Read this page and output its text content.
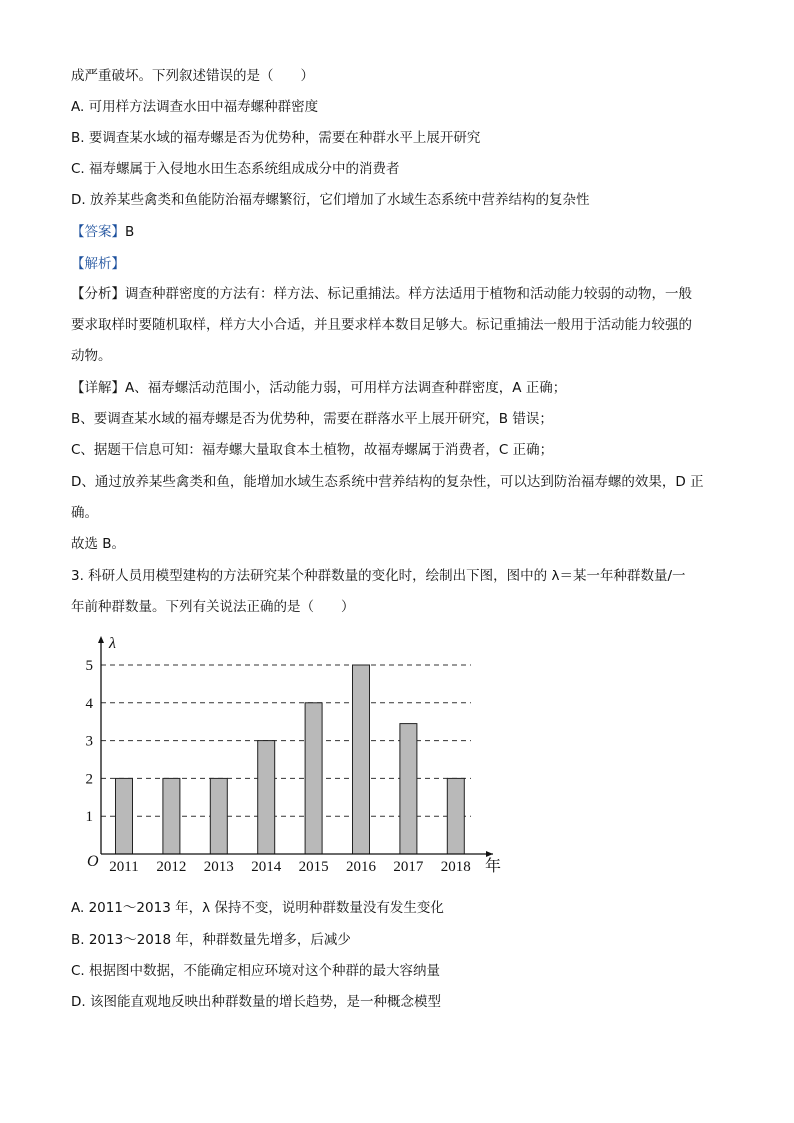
成严重破坏。下列叙述错误的是（　　）
A. 可用样方法调查水田中福寿螺种群密度
B. 要调查某水域的福寿螺是否为优势种，需要在种群水平上展开研究
C. 福寿螺属于入侵地水田生态系统组成成分中的消费者
D. 放养某些禽类和鱼能防治福寿螺繁衍，它们增加了水域生态系统中营养结构的复杂性
【答案】B
【解析】
【分析】调查种群密度的方法有：样方法、标记重捕法。样方法适用于植物和活动能力较弱的动物，一般
要求取样时要随机取样，样方大小合适，并且要求样本数目足够大。标记重捕法一般用于活动能力较强的
动物。
【详解】A、福寿螺活动范围小，活动能力弱，可用样方法调查种群密度，A 正确；
B、要调查某水域的福寿螺是否为优势种，需要在群落水平上展开研究，B 错误；
C、据题干信息可知：福寿螺大量取食本土植物，故福寿螺属于消费者，C 正确；
D、通过放养某些禽类和鱼，能增加水域生态系统中营养结构的复杂性，可以达到防治福寿螺的效果，D 正
确。
故选 B。
3. 科研人员用模型建构的方法研究某个种群数量的变化时，绘制出下图，图中的 λ＝某一年种群数量/一
年前种群数量。下列有关说法正确的是（　　）
1
2
3
4
5
2011 2012 2013 2014 2015 2016 2017 2018
λ
年
O
A. 2011～2013 年，λ 保持不变，说明种群数量没有发生变化
B. 2013～2018 年，种群数量先增多，后减少
C. 根据图中数据，不能确定相应环境对这个种群的最大容纳量
D. 该图能直观地反映出种群数量的增长趋势，是一种概念模型
